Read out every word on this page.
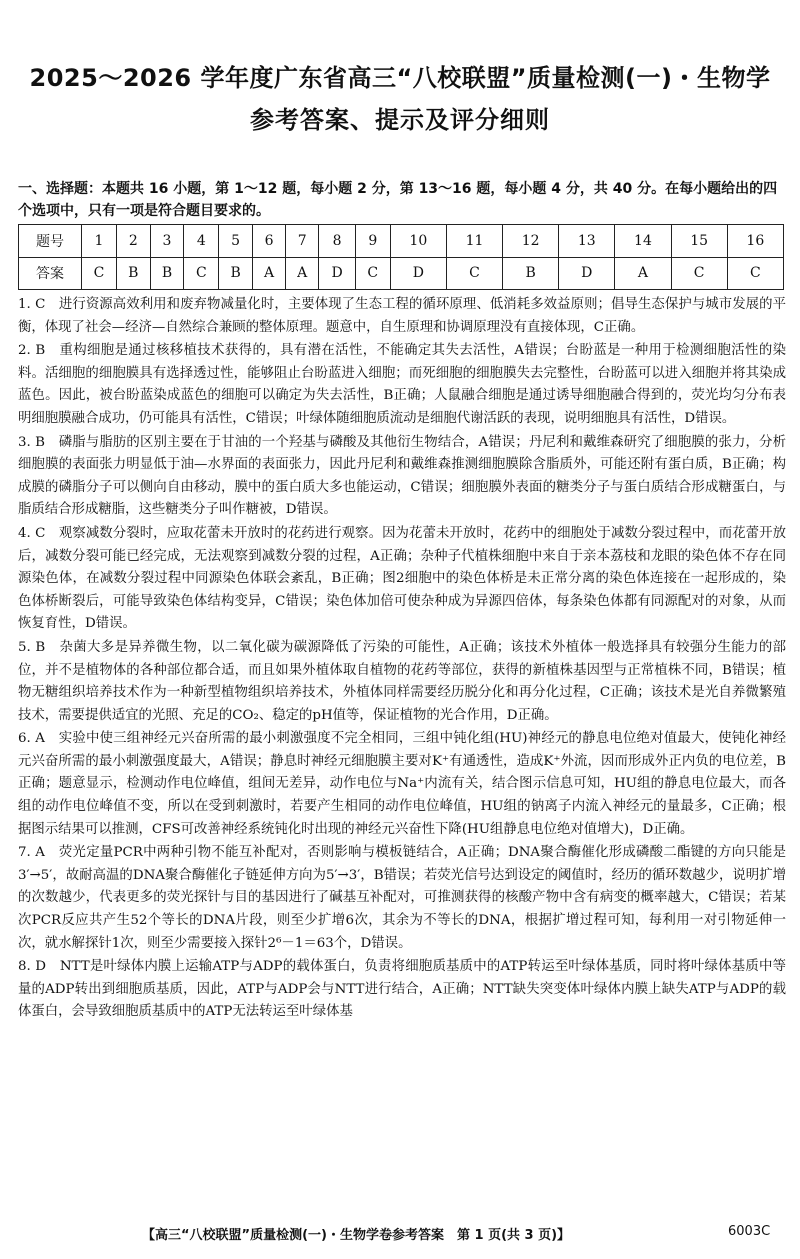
2025～2026 学年度广东省高三“八校联盟”质量检测(一)・生物学
参考答案、提示及评分细则
一、选择题：本题共 16 小题，第 1～12 题，每小题 2 分，第 13～16 题，每小题 4 分，共 40 分。在每小题给出的四个选项中，只有一项是符合题目要求的。
题号	1	2	3	4	5	6	7	8	9	10	11	12	13	14	15	16
答案	C	B	B	C	B	A	A	D	C	D	C	B	D	A	C	C
1. C　进行资源高效利用和废弃物减量化时，主要体现了生态工程的循环原理、低消耗多效益原则；倡导生态保护与城市发展的平衡，体现了社会—经济—自然综合兼顾的整体原理。题意中，自生原理和协调原理没有直接体现，C正确。
2. B　重构细胞是通过核移植技术获得的，具有潜在活性，不能确定其失去活性，A错误；台盼蓝是一种用于检测细胞活性的染料。活细胞的细胞膜具有选择透过性，能够阻止台盼蓝进入细胞；而死细胞的细胞膜失去完整性，台盼蓝可以进入细胞并将其染成蓝色。因此，被台盼蓝染成蓝色的细胞可以确定为失去活性，B正确；人鼠融合细胞是通过诱导细胞融合得到的，荧光均匀分布表明细胞膜融合成功，仍可能具有活性，C错误；叶绿体随细胞质流动是细胞代谢活跃的表现，说明细胞具有活性，D错误。
3. B　磷脂与脂肪的区别主要在于甘油的一个羟基与磷酸及其他衍生物结合，A错误；丹尼利和戴维森研究了细胞膜的张力，分析细胞膜的表面张力明显低于油—水界面的表面张力，因此丹尼利和戴维森推测细胞膜除含脂质外，可能还附有蛋白质，B正确；构成膜的磷脂分子可以侧向自由移动，膜中的蛋白质大多也能运动，C错误；细胞膜外表面的糖类分子与蛋白质结合形成糖蛋白，与脂质结合形成糖脂，这些糖类分子叫作糖被，D错误。
4. C　观察减数分裂时，应取花蕾未开放时的花药进行观察。因为花蕾未开放时，花药中的细胞处于减数分裂过程中，而花蕾开放后，减数分裂可能已经完成，无法观察到减数分裂的过程，A正确；杂种子代植株细胞中来自于亲本荔枝和龙眼的染色体不存在同源染色体，在减数分裂过程中同源染色体联会紊乱，B正确；图2细胞中的染色体桥是未正常分离的染色体连接在一起形成的，染色体桥断裂后，可能导致染色体结构变异，C错误；染色体加倍可使杂种成为异源四倍体，每条染色体都有同源配对的对象，从而恢复育性，D错误。
5. B　杂菌大多是异养微生物，以二氧化碳为碳源降低了污染的可能性，A正确；该技术外植体一般选择具有较强分生能力的部位，并不是植物体的各种部位都合适，而且如果外植体取自植物的花药等部位，获得的新植株基因型与正常植株不同，B错误；植物无糖组织培养技术作为一种新型植物组织培养技术，外植体同样需要经历脱分化和再分化过程，C正确；该技术是光自养微繁殖技术，需要提供适宜的光照、充足的CO₂、稳定的pH值等，保证植物的光合作用，D正确。
6. A　实验中使三组神经元兴奋所需的最小刺激强度不完全相同，三组中钝化组(HU)神经元的静息电位绝对值最大，使钝化神经元兴奋所需的最小刺激强度最大，A错误；静息时神经元细胞膜主要对K⁺有通透性，造成K⁺外流，因而形成外正内负的电位差，B正确；题意显示，检测动作电位峰值，组间无差异，动作电位与Na⁺内流有关，结合图示信息可知，HU组的静息电位最大，而各组的动作电位峰值不变，所以在受到刺激时，若要产生相同的动作电位峰值，HU组的钠离子内流入神经元的量最多，C正确；根据图示结果可以推测，CFS可改善神经系统钝化时出现的神经元兴奋性下降(HU组静息电位绝对值增大)，D正确。
7. A　荧光定量PCR中两种引物不能互补配对，否则影响与模板链结合，A正确；DNA聚合酶催化形成磷酸二酯键的方向只能是3′→5′，故耐高温的DNA聚合酶催化子链延伸方向为5′→3′，B错误；若荧光信号达到设定的阈值时，经历的循环数越少，说明扩增的次数越少，代表更多的荧光探针与目的基因进行了碱基互补配对，可推测获得的核酸产物中含有病变的概率越大，C错误；若某次PCR反应共产生52个等长的DNA片段，则至少扩增6次，其余为不等长的DNA，根据扩增过程可知，每利用一对引物延伸一次，就水解探针1次，则至少需要接入探针2⁶－1＝63个，D错误。
8. D　NTT是叶绿体内膜上运输ATP与ADP的载体蛋白，负责将细胞质基质中的ATP转运至叶绿体基质，同时将叶绿体基质中等量的ADP转出到细胞质基质，因此，ATP与ADP会与NTT进行结合，A正确；NTT缺失突变体叶绿体内膜上缺失ATP与ADP的载体蛋白，会导致细胞质基质中的ATP无法转运至叶绿体基
【高三“八校联盟”质量检测(一)・生物学卷参考答案　第 1 页(共 3 页)】	6003C
